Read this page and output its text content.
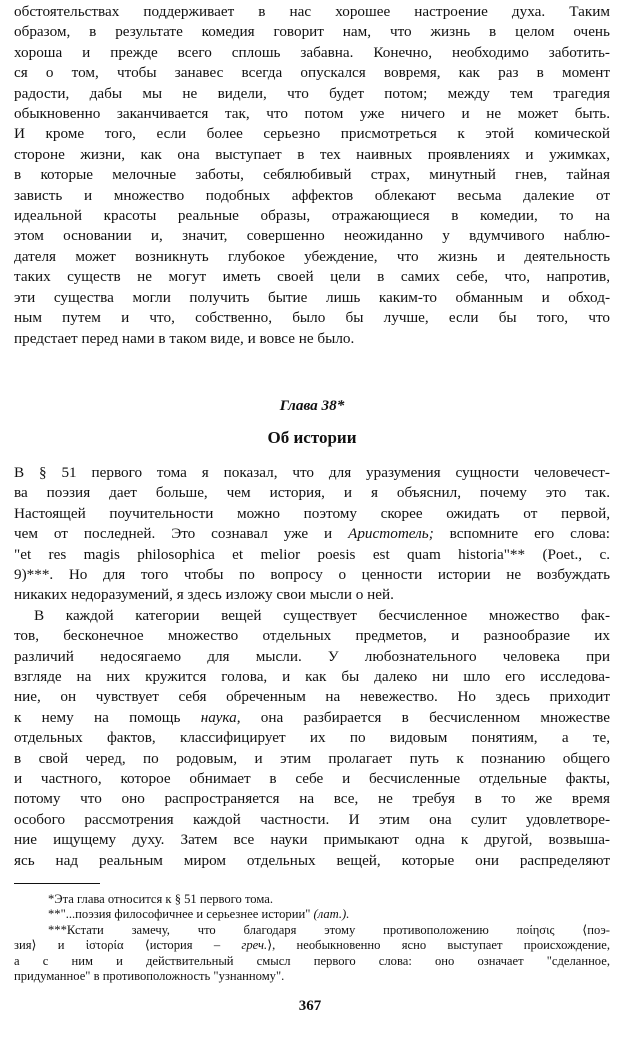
обстоятельствах поддерживает в нас хорошее настроение духа. Таким
образом, в результате комедия говорит нам, что жизнь в целом очень
хороша и прежде всего сплошь забавна. Конечно, необходимо заботить-
ся о том, чтобы занавес всегда опускался вовремя, как раз в момент
радости, дабы мы не видели, что будет потом; между тем трагедия
обыкновенно заканчивается так, что потом уже ничего и не может быть.
И кроме того, если более серьезно присмотреться к этой комической
стороне жизни, как она выступает в тех наивных проявлениях и ужимках,
в которые мелочные заботы, себялюбивый страх, минутный гнев, тайная
зависть и множество подобных аффектов облекают весьма далекие от
идеальной красоты реальные образы, отражающиеся в комедии, то на
этом основании и, значит, совершенно неожиданно у вдумчивого наблю-
дателя может возникнуть глубокое убеждение, что жизнь и деятельность
таких существ не могут иметь своей цели в самих себе, что, напротив,
эти существа могли получить бытие лишь каким-то обманным и обход-
ным путем и что, собственно, было бы лучше, если бы того, что
предстает перед нами в таком виде, и вовсе не было.
Глава 38*
Об истории
В § 51 первого тома я показал, что для уразумения сущности человечест-
ва поэзия дает больше, чем история, и я объяснил, почему это так.
Настоящей поучительности можно поэтому скорее ожидать от первой,
чем от последней. Это сознавал уже и Аристотель; вспомните его слова:
"et res magis philosophica et melior poesis est quam historia"** (Poet., c.
9)***. Но для того чтобы по вопросу о ценности истории не возбуждать
никаких недоразумений, я здесь изложу свои мысли о ней.
В каждой категории вещей существует бесчисленное множество фак-
тов, бесконечное множество отдельных предметов, и разнообразие их
различий недосягаемо для мысли. У любознательного человека при
взгляде на них кружится голова, и как бы далеко ни шло его исследова-
ние, он чувствует себя обреченным на невежество. Но здесь приходит
к нему на помощь наука, она разбирается в бесчисленном множестве
отдельных фактов, классифицирует их по видовым понятиям, а те,
в свой черед, по родовым, и этим пролагает путь к познанию общего
и частного, которое обнимает в себе и бесчисленные отдельные факты,
потому что оно распространяется на все, не требуя в то же время
особого рассмотрения каждой частности. И этим она сулит удовлетворе-
ние ищущему духу. Затем все науки примыкают одна к другой, возвыша-
ясь над реальным миром отдельных вещей, которые они распределяют
*Эта глава относится к § 51 первого тома.
**"...поэзия философичнее и серьезнее истории" (лат.).
***Кстати замечу, что благодаря этому противоположению ποίησις ⟨поэ-
зия⟩ и ἱστορία ⟨история – греч.⟩, необыкновенно ясно выступает происхождение,
а с ним и действительный смысл первого слова: оно означает "сделанное,
придуманное" в противоположность "узнанному".
367
